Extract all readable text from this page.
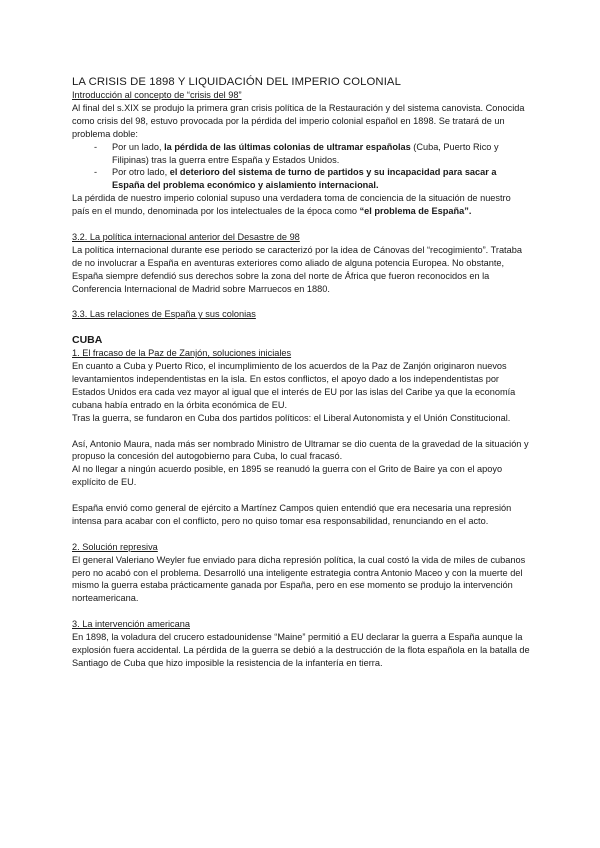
LA CRISIS DE 1898 Y LIQUIDACIÓN DEL IMPERIO COLONIAL
Introducción al concepto de “crisis del 98”

Al final del s.XIX se produjo la primera gran crisis política de la Restauración y del sistema canovista. Conocida como crisis del 98, estuvo provocada por la pérdida del imperio colonial español en 1898. Se tratará de un problema doble:

- Por un lado, la pérdida de las últimas colonias de ultramar españolas (Cuba, Puerto Rico y Filipinas) tras la guerra entre España y Estados Unidos.
- Por otro lado, el deterioro del sistema de turno de partidos y su incapacidad para sacar a España del problema económico y aislamiento internacional.

La pérdida de nuestro imperio colonial supuso una verdadera toma de conciencia de la situación de nuestro país en el mundo, denominada por los intelectuales de la época como “el problema de España”.

3.2. La política internacional anterior del Desastre de 98

La política internacional durante ese periodo se caracterizó por la idea de Cánovas del “recogimiento”. Trataba de no involucrar a España en aventuras exteriores como aliado de alguna potencia Europea. No obstante, España siempre defendió sus derechos sobre la zona del norte de África que fueron reconocidos en la Conferencia Internacional de Madrid sobre Marruecos en 1880.

3.3. Las relaciones de España y sus colonias
CUBA
1. El fracaso de la Paz de Zanjón, soluciones iniciales

En cuanto a Cuba y Puerto Rico, el incumplimiento de los acuerdos de la Paz de Zanjón originaron nuevos levantamientos independentistas en la isla. En estos conflictos, el apoyo dado a los independentistas por Estados Unidos era cada vez mayor al igual que el interés de EU por las islas del Caribe ya que la economía cubana había entrado en la órbita económica de EU.

Tras la guerra, se fundaron en Cuba dos partidos políticos: el Liberal Autonomista y el Unión Constitucional.

Así, Antonio Maura, nada más ser nombrado Ministro de Ultramar se dio cuenta de la gravedad de la situación y propuso la concesión del autogobierno para Cuba, lo cual fracasó.

Al no llegar a ningún acuerdo posible, en 1895 se reanudó la guerra con el Grito de Baire ya con el apoyo explícito de EU.

España envió como general de ejército a Martínez Campos quien entendió que era necesaria una represión intensa para acabar con el conflicto, pero no quiso tomar esa responsabilidad, renunciando en el acto.

2. Solución represiva

El general Valeriano Weyler fue enviado para dicha represión política, la cual costó la vida de miles de cubanos pero no acabó con el problema. Desarrolló una inteligente estrategia contra Antonio Maceo y con la muerte del mismo la guerra estaba prácticamente ganada por España, pero en ese momento se produjo la intervención norteamericana.

3. La intervención americana

En 1898, la voladura del crucero estadounidense “Maine” permitió a EU declarar la guerra a España aunque la explosión fuera accidental. La pérdida de la guerra se debió a la destrucción de la flota española en la batalla de Santiago de Cuba que hizo imposible la resistencia de la infantería en tierra.
